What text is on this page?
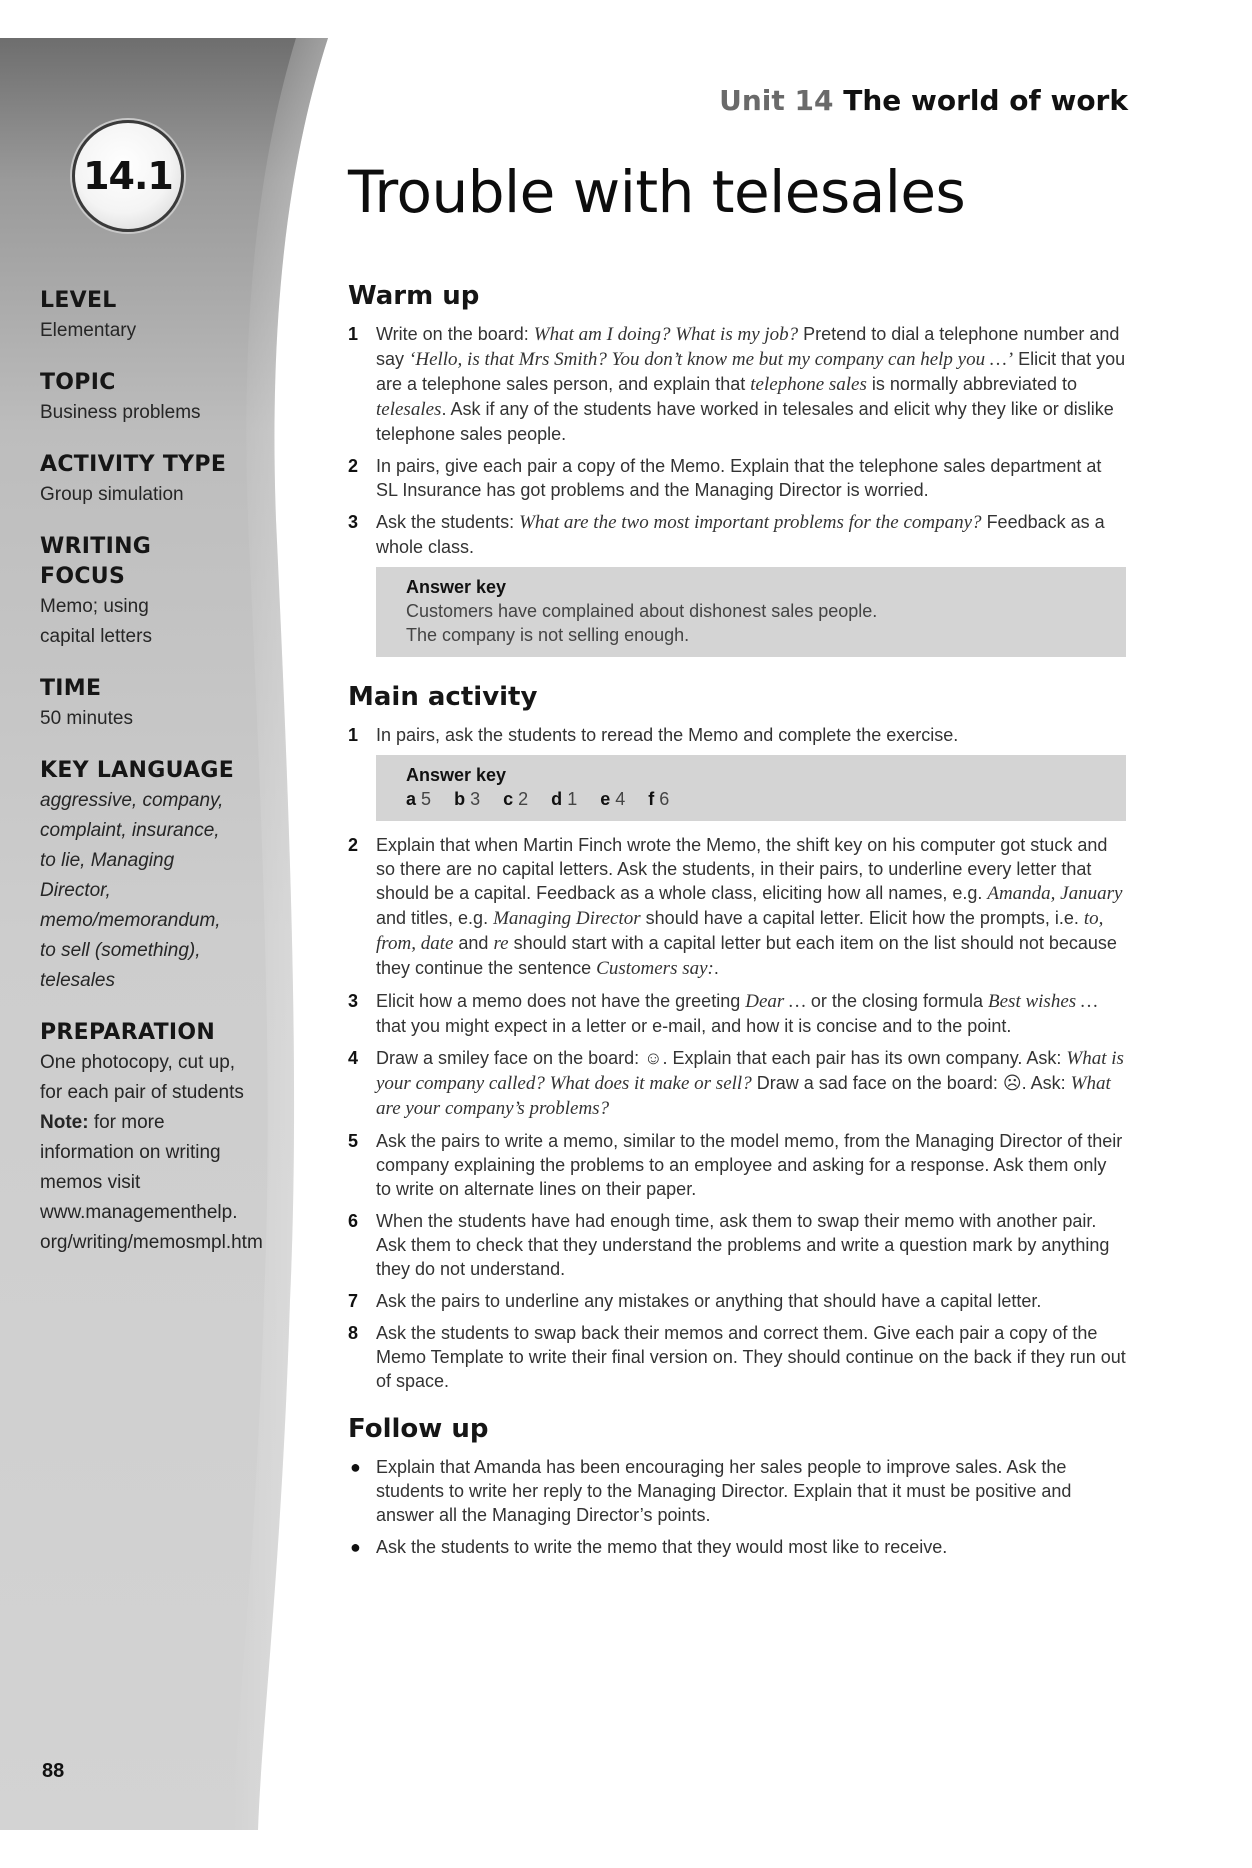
14.1
Unit 14 The world of work
Trouble with telesales
LEVEL
Elementary
TOPIC
Business problems
ACTIVITY TYPE
Group simulation
WRITING
FOCUS
Memo; using
capital letters
TIME
50 minutes
KEY LANGUAGE
aggressive, company,
complaint, insurance,
to lie, Managing
Director,
memo/memorandum,
to sell (something),
telesales
PREPARATION
One photocopy, cut up,
for each pair of students
Note: for more
information on writing
memos visit
www.managementhelp.
org/writing/memosmpl.htm
88
Warm up
1 Write on the board: What am I doing? What is my job? Pretend to dial a telephone number and say ‘Hello, is that Mrs Smith? You don’t know me but my company can help you …’ Elicit that you are a telephone sales person, and explain that telephone sales is normally abbreviated to telesales. Ask if any of the students have worked in telesales and elicit why they like or dislike telephone sales people.
2 In pairs, give each pair a copy of the Memo. Explain that the telephone sales department at SL Insurance has got problems and the Managing Director is worried.
3 Ask the students: What are the two most important problems for the company? Feedback as a whole class.
Answer key
Customers have complained about dishonest sales people.
The company is not selling enough.
Main activity
1 In pairs, ask the students to reread the Memo and complete the exercise.
Answer key
a 5 b 3 c 2 d 1 e 4 f 6
2 Explain that when Martin Finch wrote the Memo, the shift key on his computer got stuck and so there are no capital letters. Ask the students, in their pairs, to underline every letter that should be a capital. Feedback as a whole class, eliciting how all names, e.g. Amanda, January and titles, e.g. Managing Director should have a capital letter. Elicit how the prompts, i.e. to, from, date and re should start with a capital letter but each item on the list should not because they continue the sentence Customers say:.
3 Elicit how a memo does not have the greeting Dear … or the closing formula Best wishes … that you might expect in a letter or e-mail, and how it is concise and to the point.
4 Draw a smiley face on the board: ☺. Explain that each pair has its own company. Ask: What is your company called? What does it make or sell? Draw a sad face on the board: ☹. Ask: What are your company’s problems?
5 Ask the pairs to write a memo, similar to the model memo, from the Managing Director of their company explaining the problems to an employee and asking for a response. Ask them only to write on alternate lines on their paper.
6 When the students have had enough time, ask them to swap their memo with another pair. Ask them to check that they understand the problems and write a question mark by anything they do not understand.
7 Ask the pairs to underline any mistakes or anything that should have a capital letter.
8 Ask the students to swap back their memos and correct them. Give each pair a copy of the Memo Template to write their final version on. They should continue on the back if they run out of space.
Follow up
● Explain that Amanda has been encouraging her sales people to improve sales. Ask the students to write her reply to the Managing Director. Explain that it must be positive and answer all the Managing Director’s points.
● Ask the students to write the memo that they would most like to receive.
